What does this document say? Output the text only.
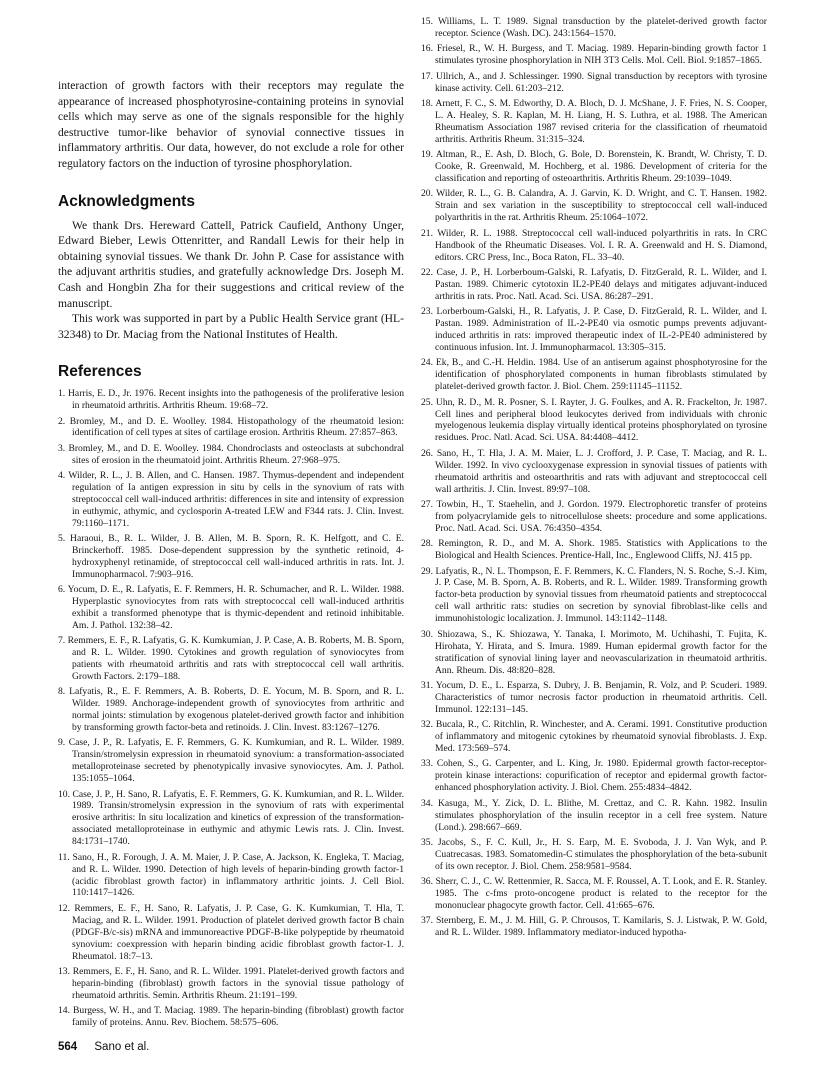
interaction of growth factors with their receptors may regulate the appearance of increased phosphotyrosine-containing proteins in synovial cells which may serve as one of the signals responsible for the highly destructive tumor-like behavior of synovial connective tissues in inflammatory arthritis. Our data, however, do not exclude a role for other regulatory factors on the induction of tyrosine phosphorylation.

Acknowledgments

We thank Drs. Hereward Cattell, Patrick Caufield, Anthony Unger, Edward Bieber, Lewis Ottenritter, and Randall Lewis for their help in obtaining synovial tissues. We thank Dr. John P. Case for assistance with the adjuvant arthritis studies, and gratefully acknowledge Drs. Joseph M. Cash and Hongbin Zha for their suggestions and critical review of the manuscript.

This work was supported in part by a Public Health Service grant (HL-32348) to Dr. Maciag from the National Institutes of Health.

References
1. Harris, E. D., Jr. 1976. Recent insights into the pathogenesis of the proliferative lesion in rheumatoid arthritis. Arthritis Rheum. 19:68–72.
2. Bromley, M., and D. E. Woolley. 1984. Histopathology of the rheumatoid lesion: identification of cell types at sites of cartilage erosion. Arthritis Rheum. 27:857–863.
3. Bromley, M., and D. E. Woolley. 1984. Chondroclasts and osteoclasts at subchondral sites of erosion in the rheumatoid joint. Arthritis Rheum. 27:968–975.
4. Wilder, R. L., J. B. Allen, and C. Hansen. 1987. Thymus-dependent and independent regulation of Ia antigen expression in situ by cells in the synovium of rats with streptococcal cell wall-induced arthritis: differences in site and intensity of expression in euthymic, athymic, and cyclosporin A-treated LEW and F344 rats. J. Clin. Invest. 79:1160–1171.
5. Haraoui, B., R. L. Wilder, J. B. Allen, M. B. Sporn, R. K. Helfgott, and C. E. Brinckerhoff. 1985. Dose-dependent suppression by the synthetic retinoid, 4-hydroxyphenyl retinamide, of streptococcal cell wall-induced arthritis in rats. Int. J. Immunopharmacol. 7:903–916.
6. Yocum, D. E., R. Lafyatis, E. F. Remmers, H. R. Schumacher, and R. L. Wilder. 1988. Hyperplastic synoviocytes from rats with streptococcal cell wall-induced arthritis exhibit a transformed phenotype that is thymic-dependent and retinoid inhibitable. Am. J. Pathol. 132:38–42.
7. Remmers, E. F., R. Lafyatis, G. K. Kumkumian, J. P. Case, A. B. Roberts, M. B. Sporn, and R. L. Wilder. 1990. Cytokines and growth regulation of synoviocytes from patients with rheumatoid arthritis and rats with streptococcal cell wall arthritis. Growth Factors. 2:179–188.
8. Lafyatis, R., E. F. Remmers, A. B. Roberts, D. E. Yocum, M. B. Sporn, and R. L. Wilder. 1989. Anchorage-independent growth of synoviocytes from arthritic and normal joints: stimulation by exogenous platelet-derived growth factor and inhibition by transforming growth factor-beta and retinoids. J. Clin. Invest. 83:1267–1276.
9. Case, J. P., R. Lafyatis, E. F. Remmers, G. K. Kumkumian, and R. L. Wilder. 1989. Transin/stromelysin expression in rheumatoid synovium: a transformation-associated metalloproteinase secreted by phenotypically invasive synoviocytes. Am. J. Pathol. 135:1055–1064.
10. Case, J. P., H. Sano, R. Lafyatis, E. F. Remmers, G. K. Kumkumian, and R. L. Wilder. 1989. Transin/stromelysin expression in the synovium of rats with experimental erosive arthritis: In situ localization and kinetics of expression of the transformation-associated metalloproteinase in euthymic and athymic Lewis rats. J. Clin. Invest. 84:1731–1740.
11. Sano, H., R. Forough, J. A. M. Maier, J. P. Case, A. Jackson, K. Engleka, T. Maciag, and R. L. Wilder. 1990. Detection of high levels of heparin-binding growth factor-1 (acidic fibroblast growth factor) in inflammatory arthritic joints. J. Cell Biol. 110:1417–1426.
12. Remmers, E. F., H. Sano, R. Lafyatis, J. P. Case, G. K. Kumkumian, T. Hla, T. Maciag, and R. L. Wilder. 1991. Production of platelet derived growth factor B chain (PDGF-B/c-sis) mRNA and immunoreactive PDGF-B-like polypeptide by rheumatoid synovium: coexpression with heparin binding acidic fibroblast growth factor-1. J. Rheumatol. 18:7–13.
13. Remmers, E. F., H. Sano, and R. L. Wilder. 1991. Platelet-derived growth factors and heparin-binding (fibroblast) growth factors in the synovial tissue pathology of rheumatoid arthritis. Semin. Arthritis Rheum. 21:191–199.
14. Burgess, W. H., and T. Maciag. 1989. The heparin-binding (fibroblast) growth factor family of proteins. Annu. Rev. Biochem. 58:575–606.
15. Williams, L. T. 1989. Signal transduction by the platelet-derived growth factor receptor. Science (Wash. DC). 243:1564–1570.
16. Friesel, R., W. H. Burgess, and T. Maciag. 1989. Heparin-binding growth factor 1 stimulates tyrosine phosphorylation in NIH 3T3 Cells. Mol. Cell. Biol. 9:1857–1865.
17. Ullrich, A., and J. Schlessinger. 1990. Signal transduction by receptors with tyrosine kinase activity. Cell. 61:203–212.
18. Arnett, F. C., S. M. Edworthy, D. A. Bloch, D. J. McShane, J. F. Fries, N. S. Cooper, L. A. Healey, S. R. Kaplan, M. H. Liang, H. S. Luthra, et al. 1988. The American Rheumatism Association 1987 revised criteria for the classification of rheumatoid arthritis. Arthritis Rheum. 31:315–324.
19. Altman, R., E. Ash, D. Bloch, G. Bole, D. Borenstein, K. Brandt, W. Christy, T. D. Cooke, R. Greenwald, M. Hochberg, et al. 1986. Development of criteria for the classification and reporting of osteoarthritis. Arthritis Rheum. 29:1039–1049.
20. Wilder, R. L., G. B. Calandra, A. J. Garvin, K. D. Wright, and C. T. Hansen. 1982. Strain and sex variation in the susceptibility to streptococcal cell wall-induced polyarthritis in the rat. Arthritis Rheum. 25:1064–1072.
21. Wilder, R. L. 1988. Streptococcal cell wall-induced polyarthritis in rats. In CRC Handbook of the Rheumatic Diseases. Vol. I. R. A. Greenwald and H. S. Diamond, editors. CRC Press, Inc., Boca Raton, FL. 33–40.
22. Case, J. P., H. Lorberboum-Galski, R. Lafyatis, D. FitzGerald, R. L. Wilder, and I. Pastan. 1989. Chimeric cytotoxin IL2-PE40 delays and mitigates adjuvant-induced arthritis in rats. Proc. Natl. Acad. Sci. USA. 86:287–291.
23. Lorberboum-Galski, H., R. Lafyatis, J. P. Case, D. FitzGerald, R. L. Wilder, and I. Pastan. 1989. Administration of IL-2-PE40 via osmotic pumps prevents adjuvant-induced arthritis in rats: improved therapeutic index of IL-2-PE40 administered by continuous infusion. Int. J. Immunopharmacol. 13:305–315.
24. Ek, B., and C.-H. Heldin. 1984. Use of an antiserum against phosphotyrosine for the identification of phosphorylated components in human fibroblasts stimulated by platelet-derived growth factor. J. Biol. Chem. 259:11145–11152.
25. Uhn, R. D., M. R. Posner, S. I. Rayter, J. G. Foulkes, and A. R. Frackelton, Jr. 1987. Cell lines and peripheral blood leukocytes derived from individuals with chronic myelogenous leukemia display virtually identical proteins phosphorylated on tyrosine residues. Proc. Natl. Acad. Sci. USA. 84:4408–4412.
26. Sano, H., T. Hla, J. A. M. Maier, L. J. Crofford, J. P. Case, T. Maciag, and R. L. Wilder. 1992. In vivo cyclooxygenase expression in synovial tissues of patients with rheumatoid arthritis and osteoarthritis and rats with adjuvant and streptococcal cell wall arthritis. J. Clin. Invest. 89:97–108.
27. Towbin, H., T. Staehelin, and J. Gordon. 1979. Electrophoretic transfer of proteins from polyacrylamide gels to nitrocellulose sheets: procedure and some applications. Proc. Natl. Acad. Sci. USA. 76:4350–4354.
28. Remington, R. D., and M. A. Shork. 1985. Statistics with Applications to the Biological and Health Sciences. Prentice-Hall, Inc., Englewood Cliffs, NJ. 415 pp.
29. Lafyatis, R., N. L. Thompson, E. F. Remmers, K. C. Flanders, N. S. Roche, S.-J. Kim, J. P. Case, M. B. Sporn, A. B. Roberts, and R. L. Wilder. 1989. Transforming growth factor-beta production by synovial tissues from rheumatoid patients and streptococcal cell wall arthritic rats: studies on secretion by synovial fibroblast-like cells and immunohistologic localization. J. Immunol. 143:1142–1148.
30. Shiozawa, S., K. Shiozawa, Y. Tanaka, I. Morimoto, M. Uchihashi, T. Fujita, K. Hirohata, Y. Hirata, and S. Imura. 1989. Human epidermal growth factor for the stratification of synovial lining layer and neovascularization in rheumatoid arthritis. Ann. Rheum. Dis. 48:820–828.
31. Yocum, D. E., L. Esparza, S. Dubry, J. B. Benjamin, R. Volz, and P. Scuderi. 1989. Characteristics of tumor necrosis factor production in rheumatoid arthritis. Cell. Immunol. 122:131–145.
32. Bucala, R., C. Ritchlin, R. Winchester, and A. Cerami. 1991. Constitutive production of inflammatory and mitogenic cytokines by rheumatoid synovial fibroblasts. J. Exp. Med. 173:569–574.
33. Cohen, S., G. Carpenter, and L. King, Jr. 1980. Epidermal growth factor-receptor-protein kinase interactions: copurification of receptor and epidermal growth factor-enhanced phosphorylation activity. J. Biol. Chem. 255:4834–4842.
34. Kasuga, M., Y. Zick, D. L. Blithe, M. Crettaz, and C. R. Kahn. 1982. Insulin stimulates phosphorylation of the insulin receptor in a cell free system. Nature (Lond.). 298:667–669.
35. Jacobs, S., F. C. Kull, Jr., H. S. Earp, M. E. Svoboda, J. J. Van Wyk, and P. Cuatrecasas. 1983. Somatomedin-C stimulates the phosphorylation of the beta-subunit of its own receptor. J. Biol. Chem. 258:9581–9584.
36. Sherr, C. J., C. W. Rettenmier, R. Sacca, M. F. Roussel, A. T. Look, and E. R. Stanley. 1985. The c-fms proto-oncogene product is related to the receptor for the mononuclear phagocyte growth factor. Cell. 41:665–676.
37. Sternberg, E. M., J. M. Hill, G. P. Chrousos, T. Kamilaris, S. J. Listwak, P. W. Gold, and R. L. Wilder. 1989. Inflammatory mediator-induced hypotha-
564 Sano et al.
